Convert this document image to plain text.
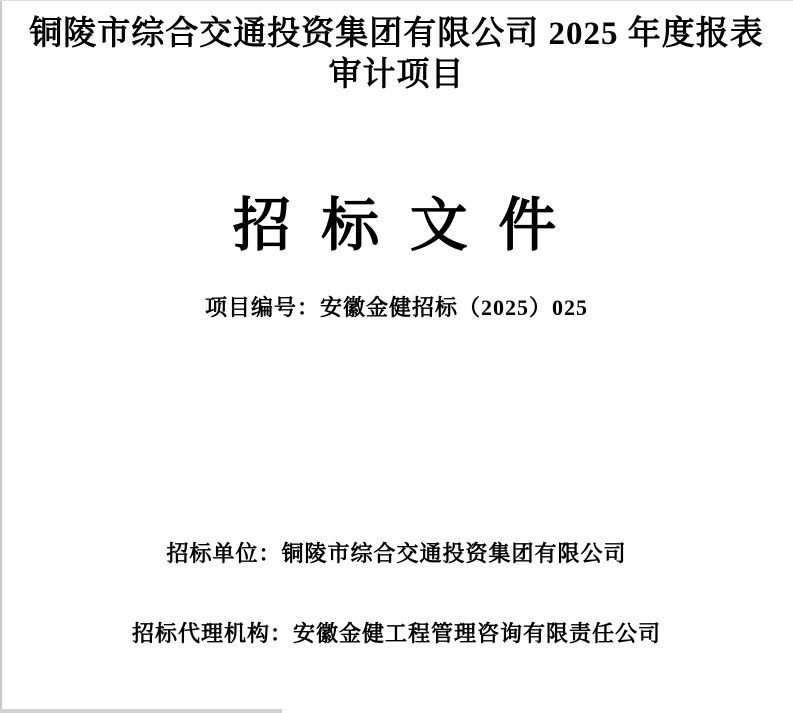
铜陵市综合交通投资集团有限公司 2025 年度报表
审计项目
招 标 文 件
项目编号：安徽金健招标（2025）025
招标单位：铜陵市综合交通投资集团有限公司
招标代理机构：安徽金健工程管理咨询有限责任公司
